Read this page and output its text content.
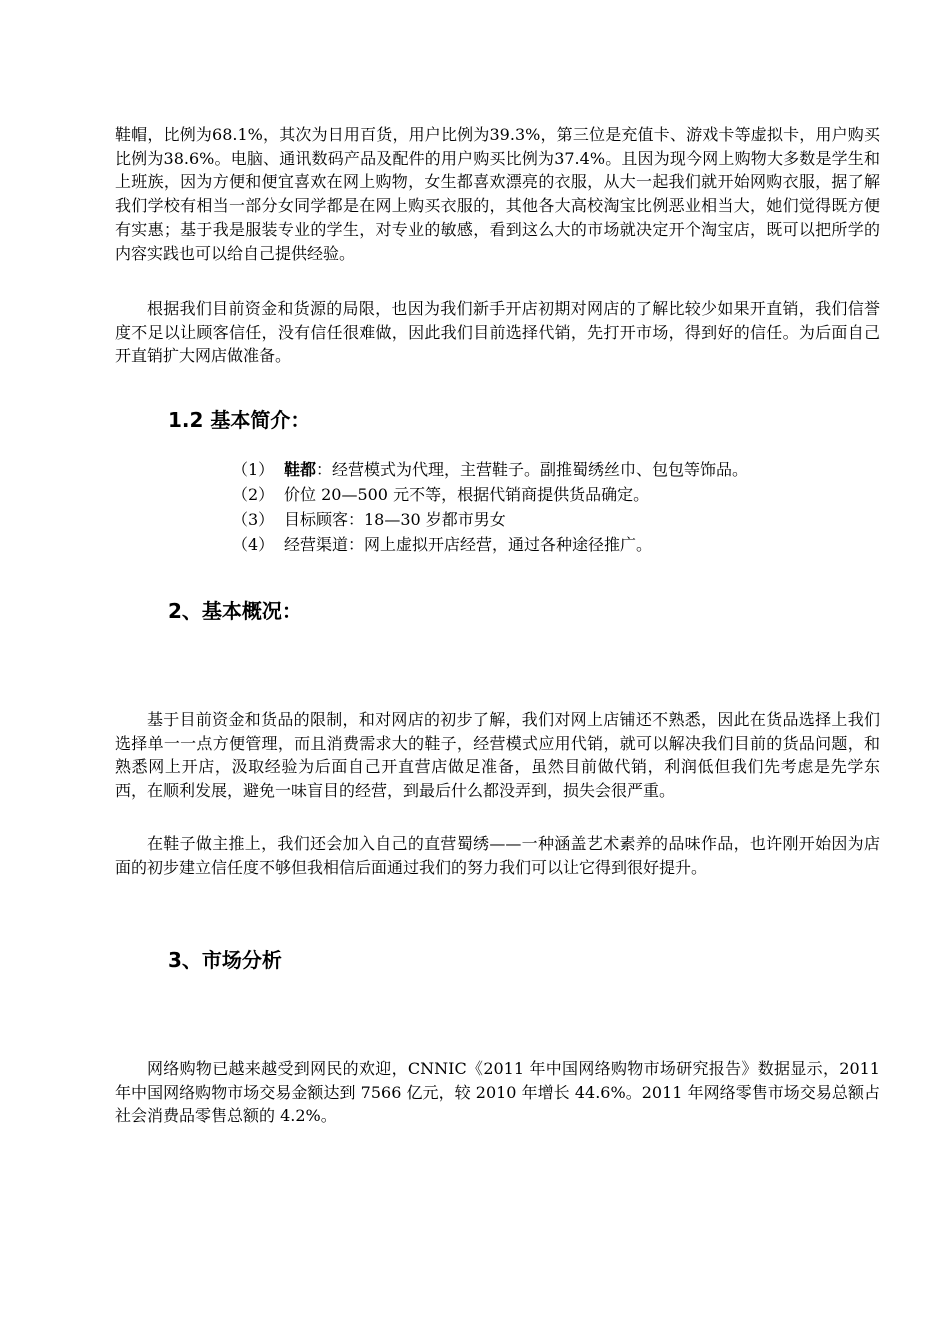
鞋帽，比例为68.1%，其次为日用百货，用户比例为39.3%，第三位是充值卡、游戏卡等虚拟卡，用户购买比例为38.6%。电脑、通讯数码产品及配件的用户购买比例为37.4%。且因为现今网上购物大多数是学生和上班族，因为方便和便宜喜欢在网上购物，女生都喜欢漂亮的衣服，从大一起我们就开始网购衣服，据了解我们学校有相当一部分女同学都是在网上购买衣服的，其他各大高校淘宝比例恶业相当大，她们觉得既方便有实惠；基于我是服装专业的学生，对专业的敏感，看到这么大的市场就决定开个淘宝店，既可以把所学的内容实践也可以给自己提供经验。

根据我们目前资金和货源的局限，也因为我们新手开店初期对网店的了解比较少如果开直销，我们信誉度不足以让顾客信任，没有信任很难做，因此我们目前选择代销，先打开市场，得到好的信任。为后面自己开直销扩大网店做准备。

1.2 基本简介：
（1） 鞋都：经营模式为代理，主营鞋子。副推蜀绣丝巾、包包等饰品。
（2） 价位 20—500 元不等，根据代销商提供货品确定。
（3） 目标顾客：18—30 岁都市男女
（4） 经营渠道：网上虚拟开店经营，通过各种途径推广。
2、基本概况：

基于目前资金和货品的限制，和对网店的初步了解，我们对网上店铺还不熟悉，因此在货品选择上我们选择单一一点方便管理，而且消费需求大的鞋子，经营模式应用代销，就可以解决我们目前的货品问题，和熟悉网上开店，汲取经验为后面自己开直营店做足准备，虽然目前做代销，利润低但我们先考虑是先学东西，在顺利发展，避免一味盲目的经营，到最后什么都没弄到，损失会很严重。

在鞋子做主推上，我们还会加入自己的直营蜀绣——一种涵盖艺术素养的品味作品，也许刚开始因为店面的初步建立信任度不够但我相信后面通过我们的努力我们可以让它得到很好提升。

3、市场分析

网络购物已越来越受到网民的欢迎，CNNIC《2011 年中国网络购物市场研究报告》数据显示，2011 年中国网络购物市场交易金额达到 7566 亿元，较 2010 年增长 44.6%。2011 年网络零售市场交易总额占社会消费品零售总额的 4.2%。
